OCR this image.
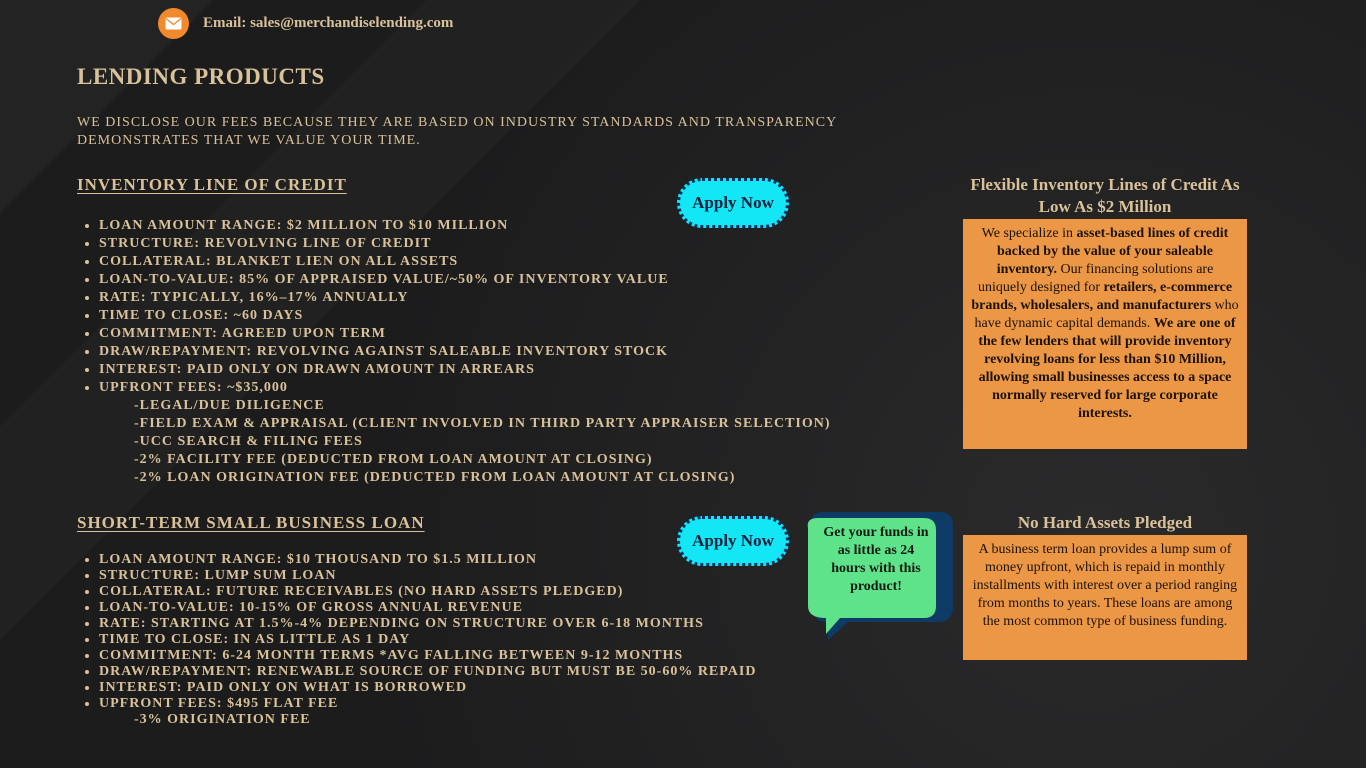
Email: sales@merchandiselending.com
LENDING PRODUCTS

WE DISCLOSE OUR FEES BECAUSE THEY ARE BASED ON INDUSTRY STANDARDS AND TRANSPARENCY DEMONSTRATES THAT WE VALUE YOUR TIME.

INVENTORY LINE OF CREDIT
Apply Now
• LOAN AMOUNT RANGE: $2 MILLION TO $10 MILLION
• STRUCTURE: REVOLVING LINE OF CREDIT
• COLLATERAL: BLANKET LIEN ON ALL ASSETS
• LOAN-TO-VALUE: 85% OF APPRAISED VALUE/~50% OF INVENTORY VALUE
• RATE: TYPICALLY, 16%–17% ANNUALLY
• TIME TO CLOSE: ~60 DAYS
• COMMITMENT: AGREED UPON TERM
• DRAW/REPAYMENT: REVOLVING AGAINST SALEABLE INVENTORY STOCK
• INTEREST: PAID ONLY ON DRAWN AMOUNT IN ARREARS
• UPFRONT FEES: ~$35,000
-LEGAL/DUE DILIGENCE
-FIELD EXAM & APPRAISAL (CLIENT INVOLVED IN THIRD PARTY APPRAISER SELECTION)
-UCC SEARCH & FILING FEES
-2% FACILITY FEE (DEDUCTED FROM LOAN AMOUNT AT CLOSING)
-2% LOAN ORIGINATION FEE (DEDUCTED FROM LOAN AMOUNT AT CLOSING)
SHORT-TERM SMALL BUSINESS LOAN
Apply Now
• LOAN AMOUNT RANGE: $10 THOUSAND TO $1.5 MILLION
• STRUCTURE: LUMP SUM LOAN
• COLLATERAL: FUTURE RECEIVABLES (NO HARD ASSETS PLEDGED)
• LOAN-TO-VALUE: 10-15% OF GROSS ANNUAL REVENUE
• RATE: STARTING AT 1.5%-4% DEPENDING ON STRUCTURE OVER 6-18 MONTHS
• TIME TO CLOSE: IN AS LITTLE AS 1 DAY
• COMMITMENT: 6-24 MONTH TERMS *AVG FALLING BETWEEN 9-12 MONTHS
• DRAW/REPAYMENT: RENEWABLE SOURCE OF FUNDING BUT MUST BE 50-60% REPAID
• INTEREST: PAID ONLY ON WHAT IS BORROWED
• UPFRONT FEES: $495 FLAT FEE
-3% ORIGINATION FEE
Get your funds in as little as 24 hours with this product!
Flexible Inventory Lines of Credit As Low As $2 Million
We specialize in asset-based lines of credit backed by the value of your saleable inventory. Our financing solutions are uniquely designed for retailers, e-commerce brands, wholesalers, and manufacturers who have dynamic capital demands. We are one of the few lenders that will provide inventory revolving loans for less than $10 Million, allowing small businesses access to a space normally reserved for large corporate interests.
No Hard Assets Pledged
A business term loan provides a lump sum of money upfront, which is repaid in monthly installments with interest over a period ranging from months to years. These loans are among the most common type of business funding.
